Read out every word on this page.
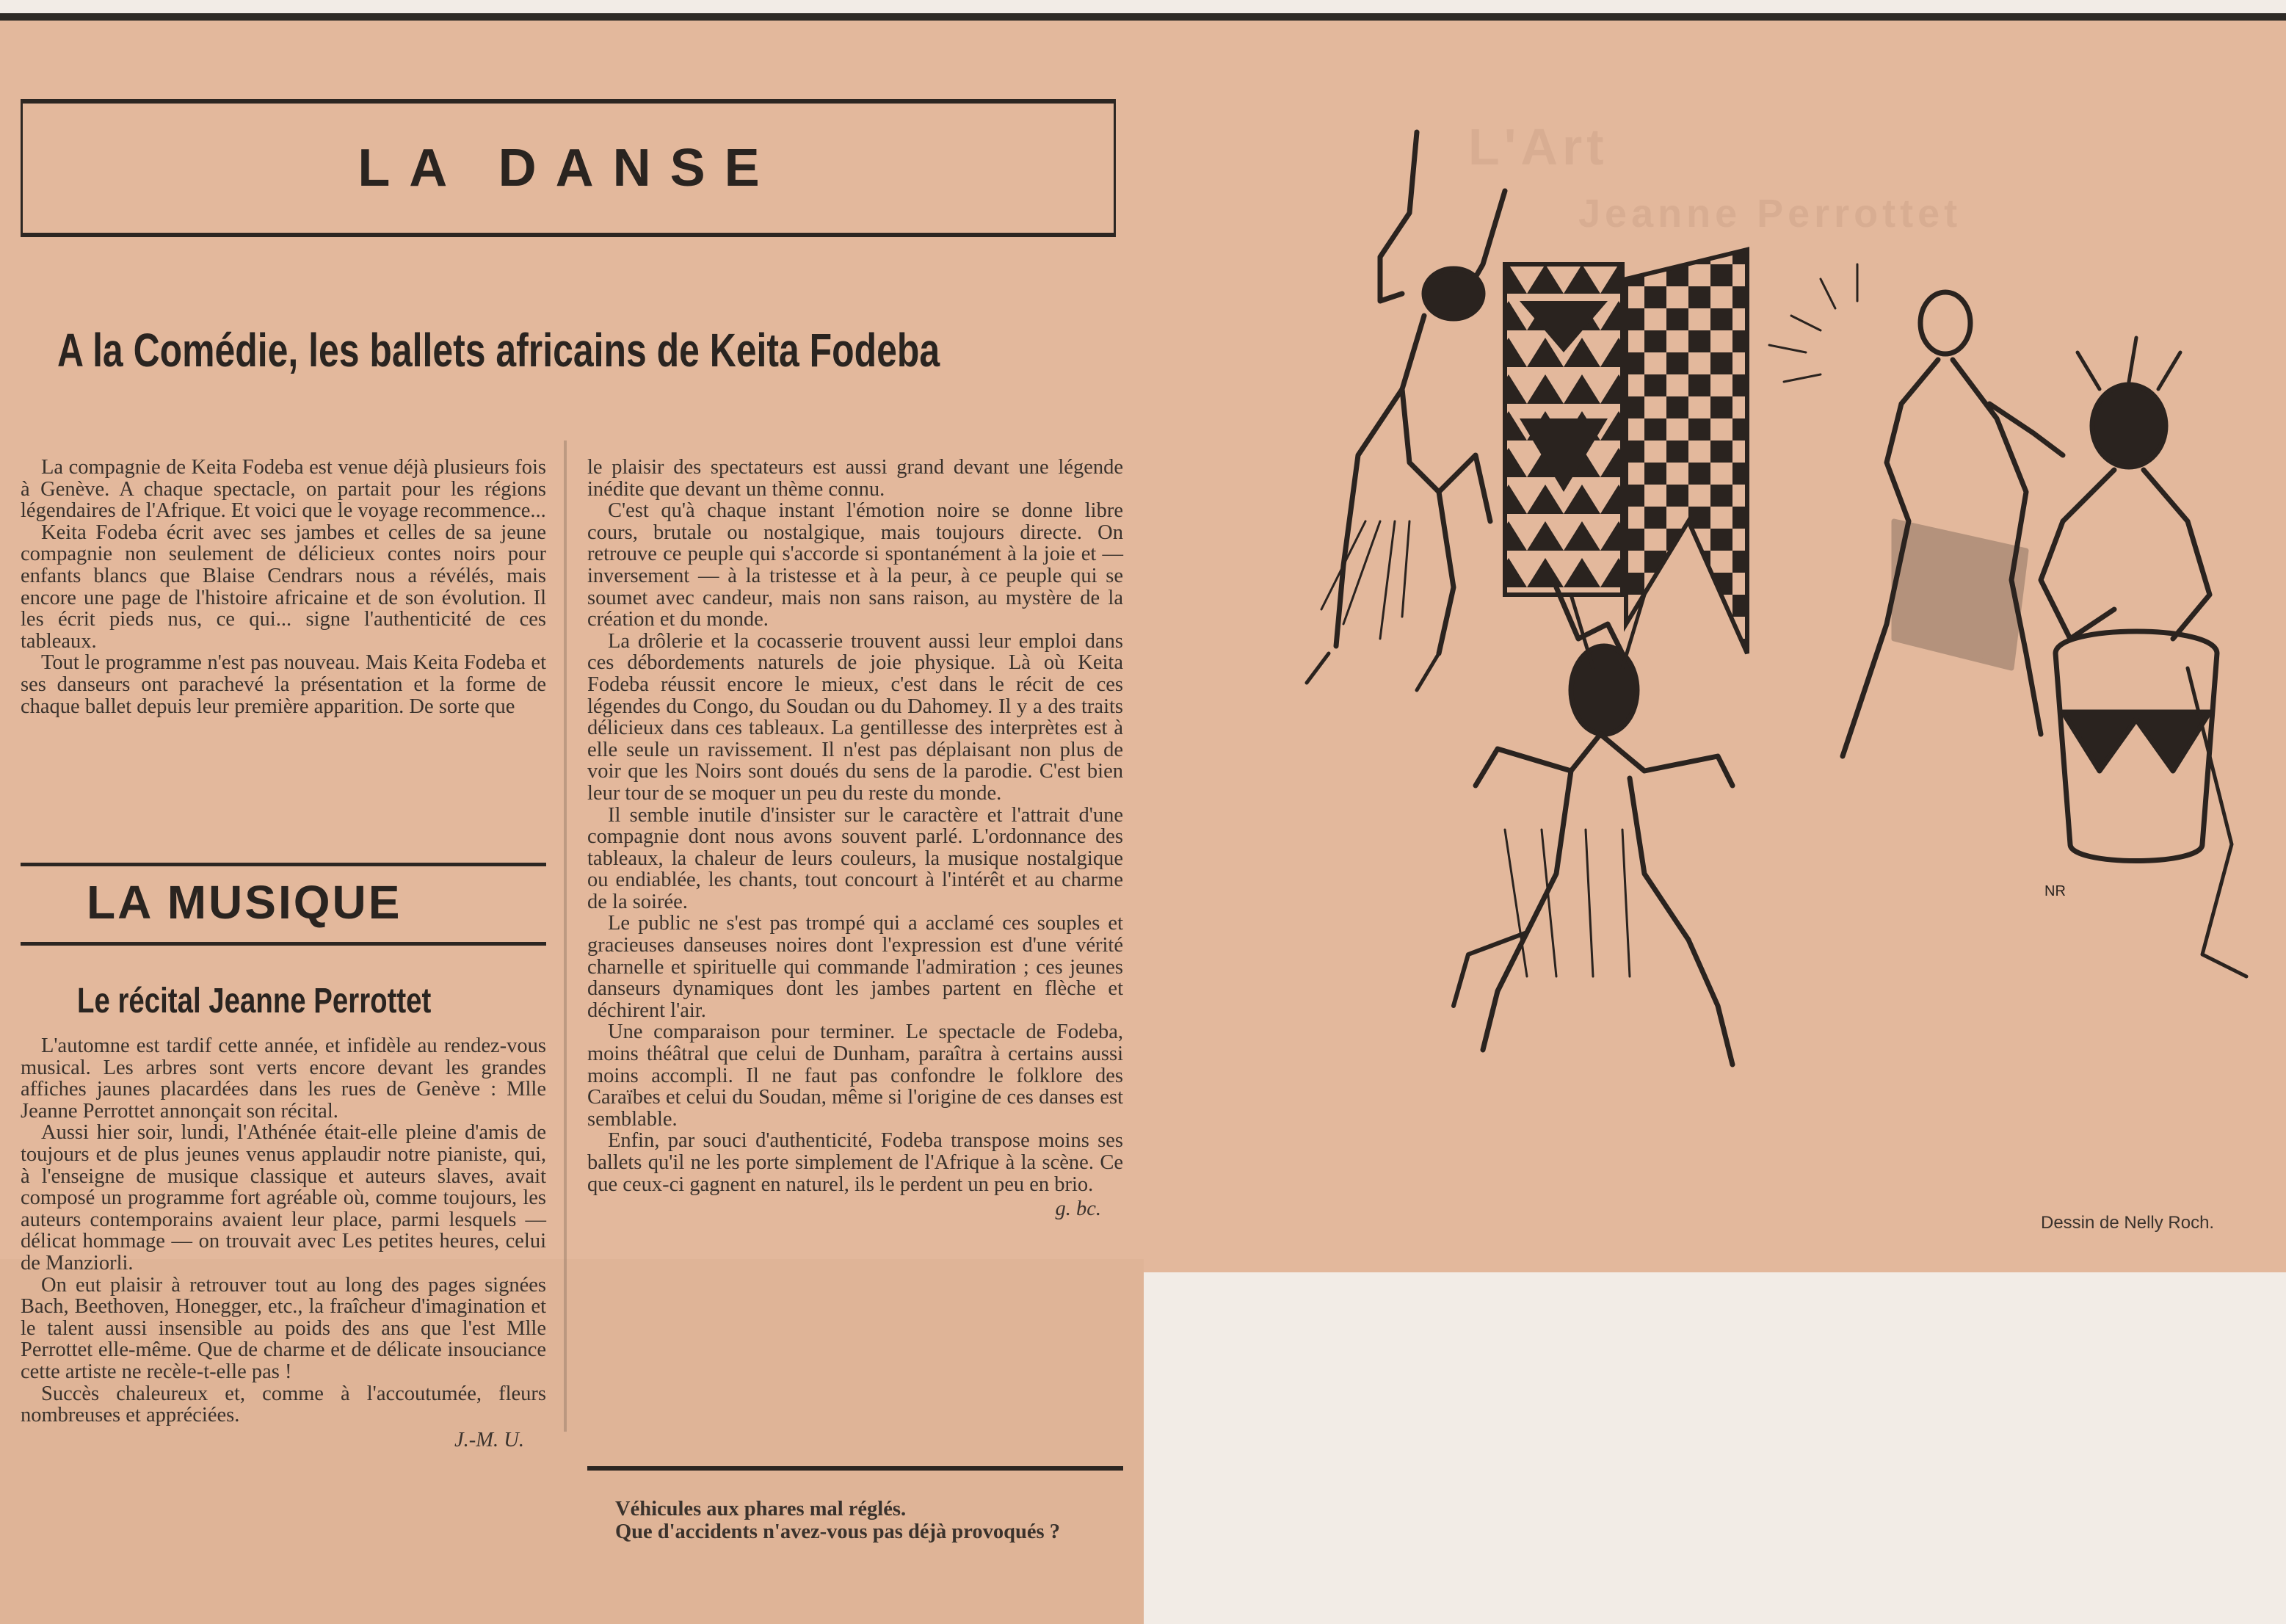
L'Art
Jeanne Perrottet
LA DANSE
A la Comédie, les ballets africains de Keita Fodeba

La compagnie de Keita Fodeba est venue déjà plusieurs fois à Genève. A chaque spectacle, on partait pour les régions légendaires de l'Afrique. Et voici que le voyage recommence...

Keita Fodeba écrit avec ses jambes et celles de sa jeune compagnie non seulement de délicieux contes noirs pour enfants blancs que Blaise Cendrars nous a révélés, mais encore une page de l'histoire africaine et de son évolution. Il les écrit pieds nus, ce qui... signe l'authenticité de ces tableaux.

Tout le programme n'est pas nouveau. Mais Keita Fodeba et ses danseurs ont parachevé la présentation et la forme de chaque ballet depuis leur première apparition. De sorte que

le plaisir des spectateurs est aussi grand devant une légende inédite que devant un thème connu.

C'est qu'à chaque instant l'émotion noire se donne libre cours, brutale ou nostalgique, mais toujours directe. On retrouve ce peuple qui s'accorde si spontanément à la joie et — inversement — à la tristesse et à la peur, à ce peuple qui se soumet avec candeur, mais non sans raison, au mystère de la création et du monde.

La drôlerie et la cocasserie trouvent aussi leur emploi dans ces débordements naturels de joie physique. Là où Keita Fodeba réussit encore le mieux, c'est dans le récit de ces légendes du Congo, du Soudan ou du Dahomey. Il y a des traits délicieux dans ces tableaux. La gentillesse des interprètes est à elle seule un ravissement. Il n'est pas déplaisant non plus de voir que les Noirs sont doués du sens de la parodie. C'est bien leur tour de se moquer un peu du reste du monde.

Il semble inutile d'insister sur le caractère et l'attrait d'une compagnie dont nous avons souvent parlé. L'ordonnance des tableaux, la chaleur de leurs couleurs, la musique nostalgique ou endiablée, les chants, tout concourt à l'intérêt et au charme de la soirée.

Le public ne s'est pas trompé qui a acclamé ces souples et gracieuses danseuses noires dont l'expression est d'une vérité charnelle et spirituelle qui commande l'admiration ; ces jeunes danseurs dynamiques dont les jambes partent en flèche et déchirent l'air.

Une comparaison pour terminer. Le spectacle de Fodeba, moins théâtral que celui de Dunham, paraîtra à certains aussi moins accompli. Il ne faut pas confondre le folklore des Caraïbes et celui du Soudan, même si l'origine de ces danses est semblable.

Enfin, par souci d'authenticité, Fodeba transpose moins ses ballets qu'il ne les porte simplement de l'Afrique à la scène. Ce que ceux-ci gagnent en naturel, ils le perdent un peu en brio.

g. bc.
LA MUSIQUE
Le récital Jeanne Perrottet

L'automne est tardif cette année, et infidèle au rendez-vous musical. Les arbres sont verts encore devant les grandes affiches jaunes placardées dans les rues de Genève : Mlle Jeanne Perrottet annonçait son récital.

Aussi hier soir, lundi, l'Athénée était-elle pleine d'amis de toujours et de plus jeunes venus applaudir notre pianiste, qui, à l'enseigne de musique classique et auteurs slaves, avait composé un programme fort agréable où, comme toujours, les auteurs contemporains avaient leur place, parmi lesquels — délicat hommage — on trouvait avec Les petites heures, celui de Manziorli.

On eut plaisir à retrouver tout au long des pages signées Bach, Beethoven, Honegger, etc., la fraîcheur d'imagination et le talent aussi insensible au poids des ans que l'est Mlle Perrottet elle-même. Que de charme et de délicate insouciance cette artiste ne recèle-t-elle pas !

Succès chaleureux et, comme à l'accoutumée, fleurs nombreuses et appréciées.

J.-M. U.

Véhicules aux phares mal réglés.

Que d'accidents n'avez-vous pas déjà provoqués ?

NR
Dessin de Nelly Roch.
